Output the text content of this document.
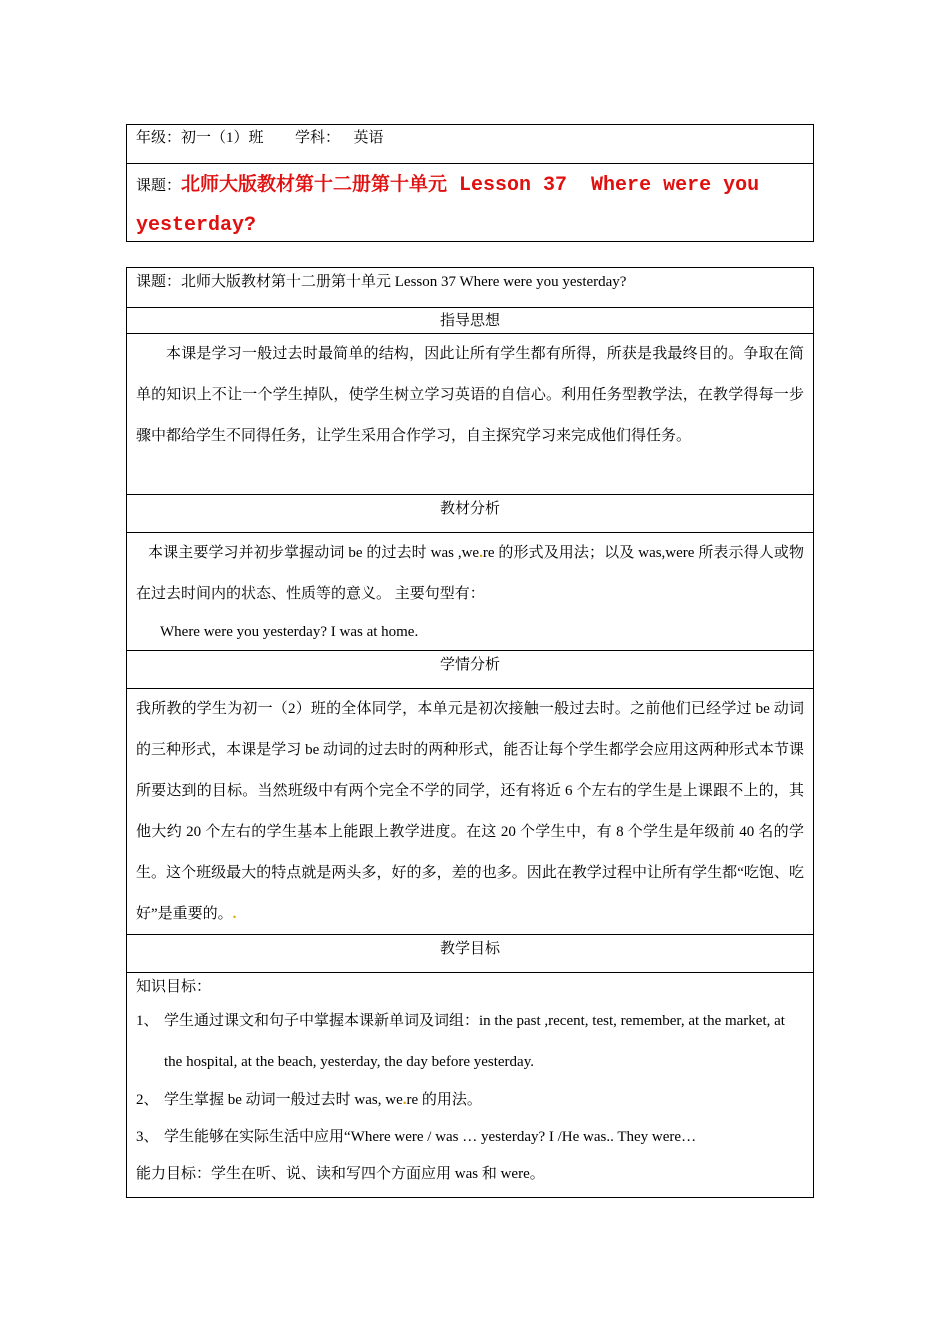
年级：初一（1）班 学科： 英语
课题：北师大版教材第十二册第十单元 Lesson 37  Where were you
yesterday?
课题：北师大版教材第十二册第十单元 Lesson 37 Where were you yesterday?
指导思想
本课是学习一般过去时最简单的结构，因此让所有学生都有所得，所获是我最终目的。争取在简单的知识上不让一个学生掉队，使学生树立学习英语的自信心。利用任务型教学法，在教学得每一步骤中都给学生不同得任务，让学生采用合作学习，自主探究学习来完成他们得任务。
教材分析
本课主要学习并初步掌握动词 be 的过去时 was ,we.re 的形式及用法；以及 was,were 所表示得人或物在过去时间内的状态、性质等的意义。 主要句型有：
Where were you yesterday? I was at home.
学情分析
我所教的学生为初一（2）班的全体同学，本单元是初次接触一般过去时。之前他们已经学过 be 动词的三种形式，本课是学习 be 动词的过去时的两种形式，能否让每个学生都学会应用这两种形式本节课所要达到的目标。当然班级中有两个完全不学的同学，还有将近 6 个左右的学生是上课跟不上的，其他大约 20 个左右的学生基本上能跟上教学进度。在这 20 个学生中，有 8 个学生是年级前 40 名的学生。这个班级最大的特点就是两头多，好的多，差的也多。因此在教学过程中让所有学生都“吃饱、吃好”是重要的。.
教学目标
知识目标：
1、 学生通过课文和句子中掌握本课新单词及词组：in the past ,recent, test, remember, at the market, at the hospital, at the beach, yesterday, the day before yesterday.
2、 学生掌握 be 动词一般过去时 was, we.re 的用法。
3、 学生能够在实际生活中应用“Where were / was … yesterday? I /He was.. They were…
能力目标：学生在听、说、读和写四个方面应用 was 和 were。
